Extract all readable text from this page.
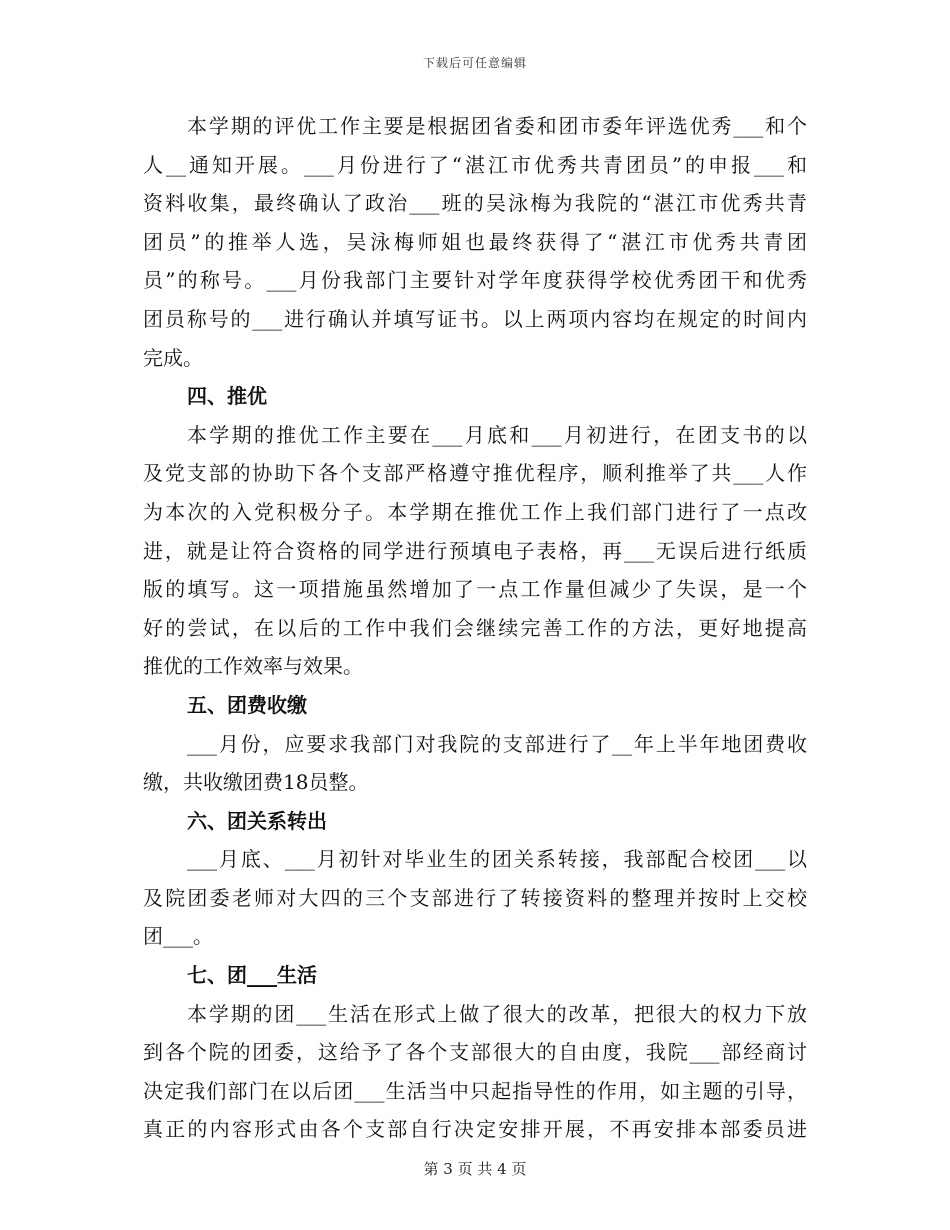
下载后可任意编辑
本学期的评优工作主要是根据团省委和团市委年评选优秀___和个
人__通知开展。___月份进行了“湛江市优秀共青团员”的申报___和
资料收集，最终确认了政治___班的吴泳梅为我院的“湛江市优秀共青
团员”的推举人选，吴泳梅师姐也最终获得了“湛江市优秀共青团
员”的称号。___月份我部门主要针对学年度获得学校优秀团干和优秀
团员称号的___进行确认并填写证书。以上两项内容均在规定的时间内
完成。
四、推优
本学期的推优工作主要在___月底和___月初进行，在团支书的以
及党支部的协助下各个支部严格遵守推优程序，顺利推举了共___人作
为本次的入党积极分子。本学期在推优工作上我们部门进行了一点改
进，就是让符合资格的同学进行预填电子表格，再___无误后进行纸质
版的填写。这一项措施虽然增加了一点工作量但减少了失误，是一个
好的尝试，在以后的工作中我们会继续完善工作的方法，更好地提高
推优的工作效率与效果。
五、团费收缴
___月份，应要求我部门对我院的支部进行了__年上半年地团费收
缴，共收缴团费18员整。
六、团关系转出
___月底、___月初针对毕业生的团关系转接，我部配合校团___以
及院团委老师对大四的三个支部进行了转接资料的整理并按时上交校
团___。
七、团___生活
本学期的团___生活在形式上做了很大的改革，把很大的权力下放
到各个院的团委，这给予了各个支部很大的自由度，我院___部经商讨
决定我们部门在以后团___生活当中只起指导性的作用，如主题的引导，
真正的内容形式由各个支部自行决定安排开展，不再安排本部委员进
第 3 页 共 4 页
